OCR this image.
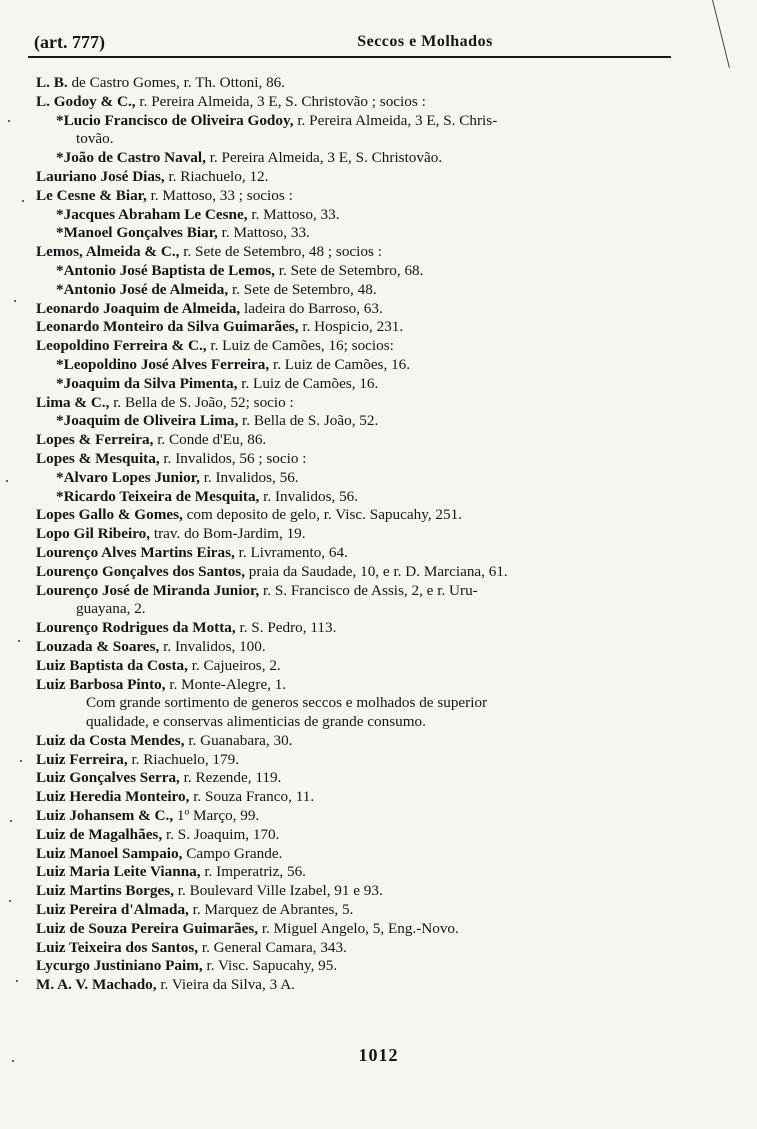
(art. 777)	Seccos e Molhados
L. B. de Castro Gomes, r. Th. Ottoni, 86.
L. Godoy & C., r. Pereira Almeida, 3 E, S. Christovão ; socios :
*Lucio Francisco de Oliveira Godoy, r. Pereira Almeida, 3 E, S. Chris-
tovão.
*João de Castro Naval, r. Pereira Almeida, 3 E, S. Christovão.
Lauriano José Dias, r. Riachuelo, 12.
Le Cesne & Biar, r. Mattoso, 33 ; socios :
*Jacques Abraham Le Cesne, r. Mattoso, 33.
*Manoel Gonçalves Biar, r. Mattoso, 33.
Lemos, Almeida & C., r. Sete de Setembro, 48 ; socios :
*Antonio José Baptista de Lemos, r. Sete de Setembro, 68.
*Antonio José de Almeida, r. Sete de Setembro, 48.
Leonardo Joaquim de Almeida, ladeira do Barroso, 63.
Leonardo Monteiro da Silva Guimarães, r. Hospicio, 231.
Leopoldino Ferreira & C., r. Luiz de Camões, 16; socios:
*Leopoldino José Alves Ferreira, r. Luiz de Camões, 16.
*Joaquim da Silva Pimenta, r. Luiz de Camões, 16.
Lima & C., r. Bella de S. João, 52; socio :
*Joaquim de Oliveira Lima, r. Bella de S. João, 52.
Lopes & Ferreira, r. Conde d'Eu, 86.
Lopes & Mesquita, r. Invalidos, 56 ; socio :
*Alvaro Lopes Junior, r. Invalidos, 56.
*Ricardo Teixeira de Mesquita, r. Invalidos, 56.
Lopes Gallo & Gomes, com deposito de gelo, r. Visc. Sapucahy, 251.
Lopo Gil Ribeiro, trav. do Bom-Jardim, 19.
Lourenço Alves Martins Eiras, r. Livramento, 64.
Lourenço Gonçalves dos Santos, praia da Saudade, 10, e r. D. Marciana, 61.
Lourenço José de Miranda Junior, r. S. Francisco de Assis, 2, e r. Uru-
guayana, 2.
Lourenço Rodrigues da Motta, r. S. Pedro, 113.
Louzada & Soares, r. Invalidos, 100.
Luiz Baptista da Costa, r. Cajueiros, 2.
Luiz Barbosa Pinto, r. Monte-Alegre, 1.
Com grande sortimento de generos seccos e molhados de superior
qualidade, e conservas alimenticias de grande consumo.
Luiz da Costa Mendes, r. Guanabara, 30.
Luiz Ferreira, r. Riachuelo, 179.
Luiz Gonçalves Serra, r. Rezende, 119.
Luiz Heredia Monteiro, r. Souza Franco, 11.
Luiz Johansem & C., 1º Março, 99.
Luiz de Magalhães, r. S. Joaquim, 170.
Luiz Manoel Sampaio, Campo Grande.
Luiz Maria Leite Vianna, r. Imperatriz, 56.
Luiz Martins Borges, r. Boulevard Ville Izabel, 91 e 93.
Luiz Pereira d'Almada, r. Marquez de Abrantes, 5.
Luiz de Souza Pereira Guimarães, r. Miguel Angelo, 5, Eng.-Novo.
Luiz Teixeira dos Santos, r. General Camara, 343.
Lycurgo Justiniano Paim, r. Visc. Sapucahy, 95.
M. A. V. Machado, r. Vieira da Silva, 3 A.
1012
